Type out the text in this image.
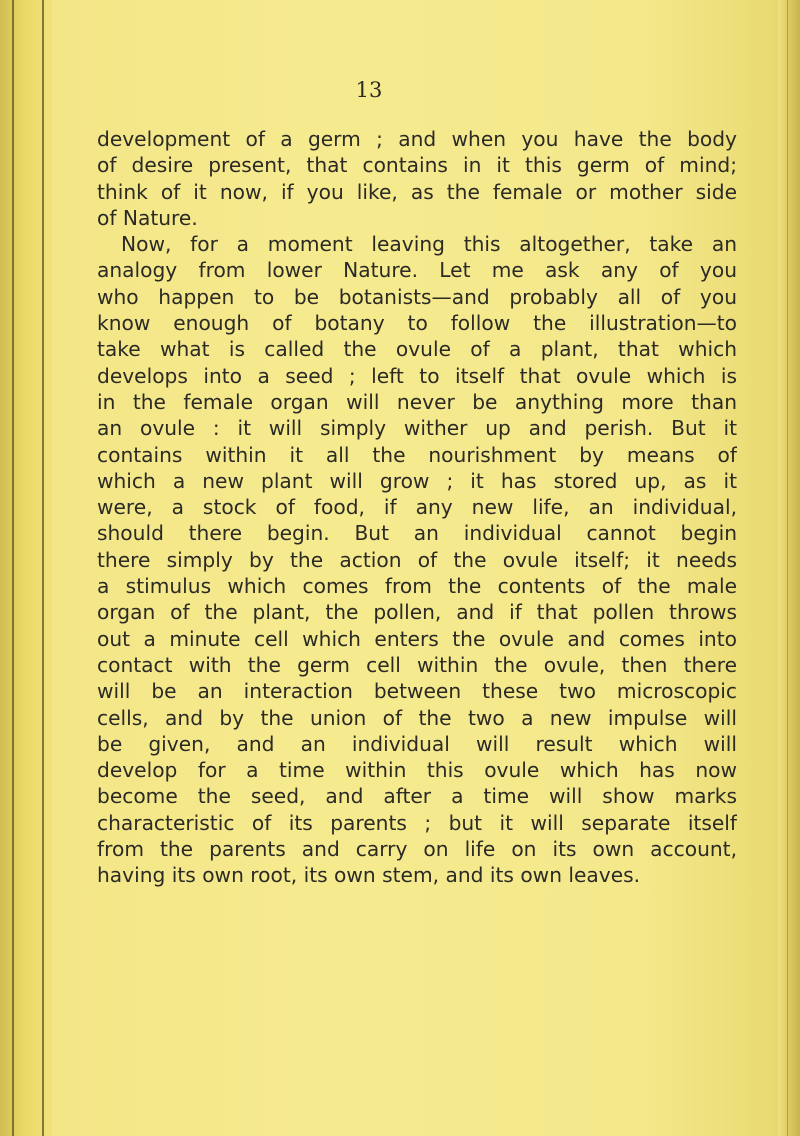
13
development of a germ ; and when you have the body
of desire present, that contains in it this germ of mind;
think of it now, if you like, as the female or mother side
of Nature.
Now, for a moment leaving this altogether, take an
analogy from lower Nature. Let me ask any of you
who happen to be botanists—and probably all of you
know enough of botany to follow the illustration—to
take what is called the ovule of a plant, that which
develops into a seed ; left to itself that ovule which is
in the female organ will never be anything more than
an ovule : it will simply wither up and perish. But it
contains within it all the nourishment by means of
which a new plant will grow ; it has stored up, as it
were, a stock of food, if any new life, an individual,
should there begin. But an individual cannot begin
there simply by the action of the ovule itself; it needs
a stimulus which comes from the contents of the male
organ of the plant, the pollen, and if that pollen throws
out a minute cell which enters the ovule and comes into
contact with the germ cell within the ovule, then there
will be an interaction between these two microscopic
cells, and by the union of the two a new impulse will
be given, and an individual will result which will
develop for a time within this ovule which has now
become the seed, and after a time will show marks
characteristic of its parents ; but it will separate itself
from the parents and carry on life on its own account,
having its own root, its own stem, and its own leaves.
